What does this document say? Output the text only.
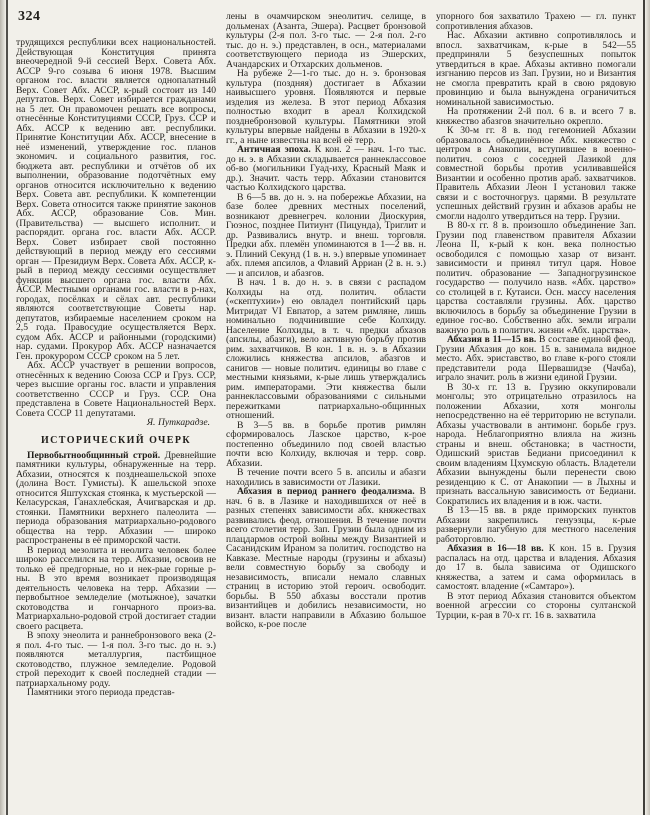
324

трудящихся республики всех национальностей. Действующая Конституция принята внеочередной 9-й сессией Верх. Совета Абх. АССР 9-го созыва 6 июня 1978. Высшим органом гос. власти является однопалатный Верх. Совет Абх. АССР, к-рый состоит из 140 депутатов. Верх. Совет избирается гражданами на 5 лет. Он правомочен решать все вопросы, отнесённые Конституциями СССР, Груз. ССР и Абх. АССР к ведению авт. республики. Принятие Конституции Абх. АССР, внесение в неё изменений, утверждение гос. планов экономич. и социального развития, гос. бюджета авт. республики и отчётов об их выполнении, образование подотчётных ему органов относится исключительно к ведению Верх. Совета авт. республики. К компетенции Верх. Совета относится также принятие законов Абх. АССР, образование Сов. Мин. (Правительства) — высшего исполнит. и распорядит. органа гос. власти Абх. АССР. Верх. Совет избирает свой постоянно действующий в период между его сессиями орган — Президиум Верх. Совета Абх. АССР, к-рый в период между сессиями осуществляет функции высшего органа гос. власти Абх. АССР. Местными органами гос. власти в р-нах, городах, посёлках и сёлах авт. республики являются соответствующие Советы нар. депутатов, избираемые населением сроком на 2,5 года. Правосудие осуществляется Верх. судом Абх. АССР и районными (городскими) нар. судами. Прокурор Абх. АССР назначается Ген. прокурором СССР сроком на 5 лет.

Абх. АССР участвует в решении вопросов, отнесённых к ведению Союза ССР и Груз. ССР, через высшие органы гос. власти и управления соответственно СССР и Груз. ССР. Она представлена в Совете Национальностей Верх. Совета СССР 11 депутатами.

Я. Путкарадзе.

ИСТОРИЧЕСКИЙ ОЧЕРК

Первобытнообщинный строй. Древнейшие памятники культуры, обнаруженные на терр. Абхазии, относятся к позднеашельской эпохе (долина Вост. Гумисты). К ашельской эпохе относится Яштухская стоянка, к мустьерской — Келасурская, Ганахлебская, Ачигварская и др. стоянки. Памятники верхнего палеолита — периода образования матриархально-родового общества на терр. Абхазии — широко распространены в её приморской части.

В период мезолита и неолита человек более широко расселился на терр. Абхазии, освоив не только её предгорные, но и нек-рые горные р-ны. В это время возникает производящая деятельность человека на терр. Абхазии — первобытное земледелие (мотыжное), зачатки скотоводства и гончарного произ-ва. Матриархально-родовой строй достигает стадии своего расцвета.

В эпоху энеолита и раннебронзового века (2-я пол. 4-го тыс. — 1-я пол. 3-го тыс. до н. э.) появляются металлургия, пастбищное скотоводство, плужное земледелие. Родовой строй переходит к своей последней стадии — патриархальному роду.

Памятники этого периода представ-

лены в очамчирском энеолитич. селище, в дольменах (Азанта, Эшера). Расцвет бронзовой культуры (2-я пол. 3-го тыс. — 2-я пол. 2-го тыс. до н. э.) представлен, в осн., материалами соответствующего периода из Эшерских, Ачандарских и Отхарских дольменов.

На рубеже 2—1-го тыс. до н. э. бронзовая культура (поздняя) достигает в Абхазии наивысшего уровня. Появляются и первые изделия из железа. В этот период Абхазия полностью входит в ареал Колхидской позднебронзовой культуры. Памятники этой культуры впервые найдены в Абхазии в 1920-х гг., а ныне известны на всей её терр.

Античная эпоха. К кон. 2 — нач. 1-го тыс. до н. э. в Абхазии складывается раннеклассовое об-во (могильники Гуад-иху, Красный Маяк и др.). Значит. часть терр. Абхазии становится частью Колхидского царства.

В 6—5 вв. до н. э. на побережье Абхазии, на базе более древних местных поселений, возникают древнегреч. колонии Диоскурия, Гюэнос, позднее Питиунт (Пицунда), Триглит и др. Развивались внутр. и внеш. торговля. Предки абх. племён упоминаются в 1—2 вв. н. э. Плиний Секунд (1 в. н. э.) впервые упоминает абх. племя апсилов, а Флавий Арриан (2 в. н. э.) — и апсилов, и абазгов.

В нач. 1 в. до н. э. в связи с распадом Колхиды на отд. политич. области («скептухии») ею овладел понтийский царь Митридат VI Евпатор, а затем римляне, лишь номинально подчинившие себе Колхиду. Население Колхиды, в т. ч. предки абхазов (апсилы, абазги), вело активную борьбу против рим. захватчиков. В кон. 1 в. н. э. в Абхазии сложились княжества апсилов, абазгов и санигов — новые политич. единицы во главе с местными князьями, к-рые лишь утверждались рим. императорами. Эти княжества были раннеклассовыми образованиями с сильными пережитками патриархально-общинных отношений.

В 3—5 вв. в борьбе против римлян сформировалось Лазское царство, к-рое постепенно объединило под своей властью почти всю Колхиду, включая и терр. совр. Абхазии.

В течение почти всего 5 в. апсилы и абазги находились в зависимости от Лазики.

Абхазия в период раннего феодализма. В нач. 6 в. в Лазике и находившихся от неё в разных степенях зависимости абх. княжествах развивались феод. отношения. В течение почти всего столетия терр. Зап. Грузии была одним из плацдармов острой войны между Византией и Сасанидским Ираном за политич. господство на Кавказе. Местные народы (грузины и абхазы) вели совместную борьбу за свободу и независимость, вписали немало славных страниц в историю этой героич. освободит. борьбы. В 550 абхазы восстали против византийцев и добились независимости, но визант. власти направили в Абхазию большое войско, к-рое после

упорного боя захватило Трахею — гл. пункт сопротивления абхазов.

Нас. Абхазии активно сопротивлялось и впосл. захватчикам, к-рые в 542—55 предприняли 5 безуспешных попыток утвердиться в крае. Абхазы активно помогали изгнанию персов из Зап. Грузии, но и Византия не смогла превратить край в свою рядовую провинцию и была вынуждена ограничиться номинальной зависимостью.

На протяжении 2-й пол. 6 в. и всего 7 в. княжество абазгов значительно окрепло.

К 30-м гг. 8 в. под гегемонией Абхазии образовалось объединённое Абх. княжество с центром в Анакопии, вступившее в военно-политич. союз с соседней Лазикой для совместной борьбы против усиливавшейся Византии и особенно против араб. захватчиков. Правитель Абхазии Леон I установил также связи и с восточногруз. царями. В результате успешных действий грузин и абхазов арабы не смогли надолго утвердиться на терр. Грузии.

В 80-х гг. 8 в. произошло объединение Зап. Грузии под главенством правителя Абхазии Леона II, к-рый к кон. века полностью освободился с помощью хазар от визант. зависимости и принял титул царя. Новое политич. образование — Западногрузинское государство — получило назв. «Абх. царство» со столицей в г. Кутаиси. Осн. массу населения царства составляли грузины. Абх. царство включилось в борьбу за объединение Грузии в единое гос-во. Собственно абх. земли играли важную роль в политич. жизни «Абх. царства».

Абхазия в 11—15 вв. В составе единой феод. Грузии Абхазия до кон. 15 в. занимала видное место. Абх. эриставство, во главе к-рого стояли представители рода Шервашидзе (Чачба), играло значит. роль в жизни единой Грузии.

В 30-х гг. 13 в. Грузию оккупировали монголы; это отрицательно отразилось на положении Абхазии, хотя монголы непосредственно на её территорию не вступали. Абхазы участвовали в антимонг. борьбе груз. народа. Неблагоприятно влияла на жизнь страны и внеш. обстановка; в частности, Одишский эристав Бедиани присоединил к своим владениям Цхумскую область. Владетели Абхазии вынуждены были перенести свою резиденцию к С. от Анакопии — в Лыхны и признать вассальную зависимость от Бедиани. Сократились их владения и в юж. части.

В 13—15 вв. в ряде приморских пунктов Абхазии закрепились генуэзцы, к-рые развернули пагубную для местного населения работорговлю.

Абхазия в 16—18 вв. К кон. 15 в. Грузия распалась на отд. царства и владения. Абхазия до 17 в. была зависима от Одишского княжества, а затем и сама оформилась в самостоят. владение («Самтаро»).

В этот период Абхазия становится объектом военной агрессии со стороны султанской Турции, к-рая в 70-х гг. 16 в. захватила
